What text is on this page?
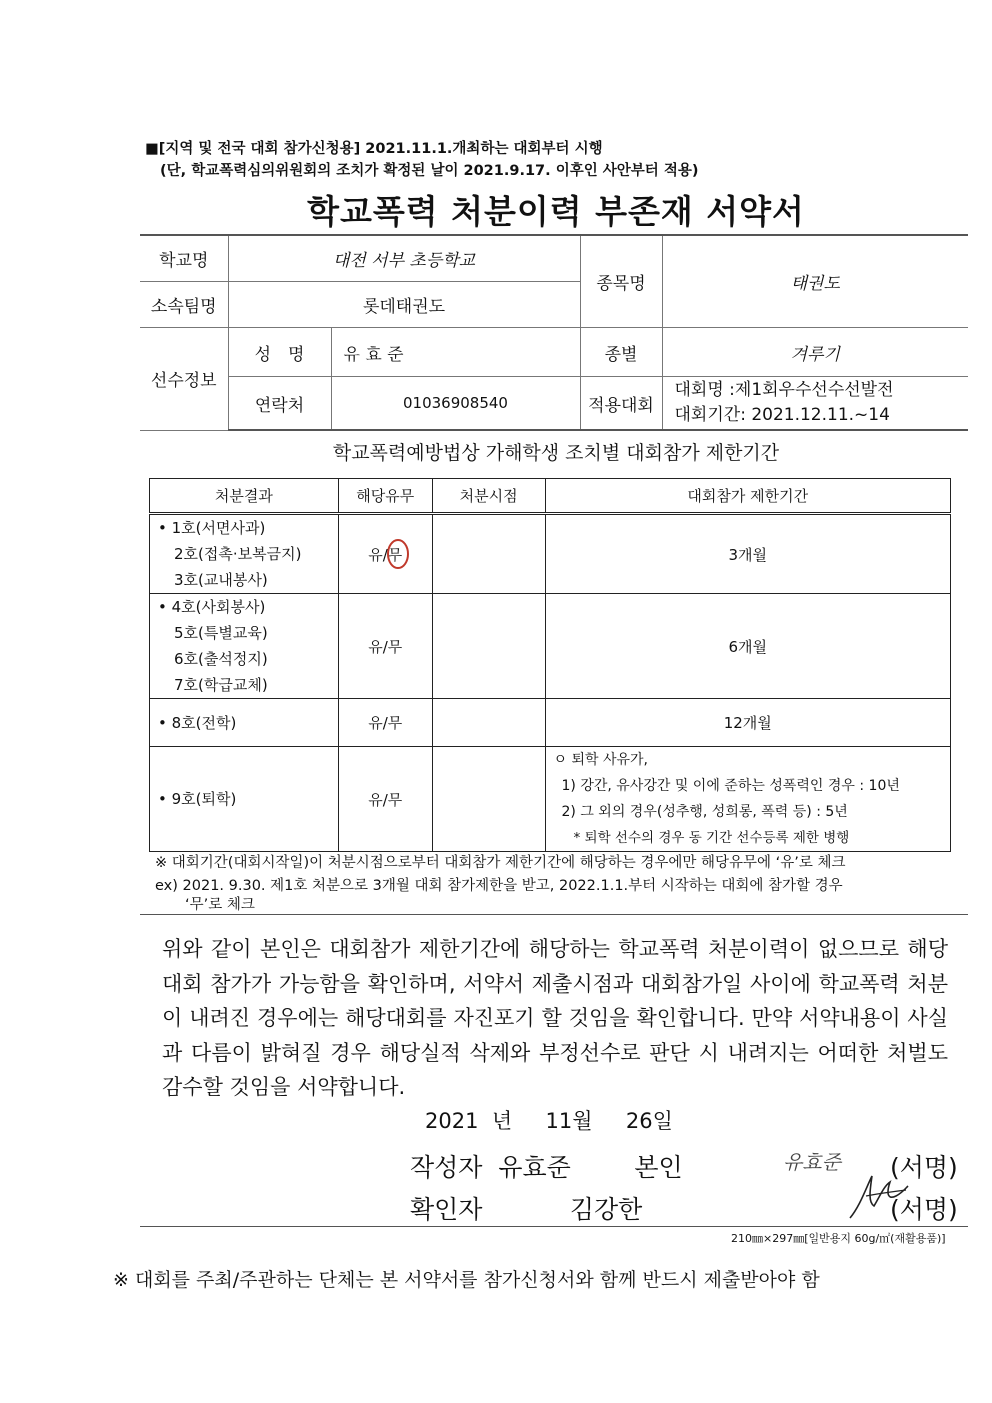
■[지역 및 전국 대회 참가신청용] 2021.11.1.개최하는 대회부터 시행
(단, 학교폭력심의위원회의 조치가 확정된 날이 2021.9.17. 이후인 사안부터 적용)
학교폭력 처분이력 부존재 서약서
학교명	대전 서부 초등학교		종목명	태권도
소속팀명	롯데태권도			
선수정보	성　명	유 효 준	종별	겨루기
	연락처	01036908540	적용대회	대회명 :제1회우수선수선발전
대회기간: 2021.12.11.~14
학교폭력예방법상 가해학생 조치별 대회참가 제한기간
처분결과	해당유무	처분시점	대회참가 제한기간

• 1호(서면사과)
2호(접촉·보복금지)
3호(교내봉사)	유/무		3개월

• 4호(사회봉사)
5호(특별교육)
6호(출석정지)
7호(학급교체)	유/무		6개월

• 8호(전학)	유/무		12개월

• 9호(퇴학)	유/무		ㅇ 퇴학 사유가,
1) 강간, 유사강간 및 이에 준하는 성폭력인 경우 : 10년
2) 그 외의 경우(성추행, 성희롱, 폭력 등) : 5년
* 퇴학 선수의 경우 동 기간 선수등록 제한 병행
※ 대회기간(대회시작일)이 처분시점으로부터 대회참가 제한기간에 해당하는 경우에만 해당유무에 ‘유’로 체크
ex) 2021. 9.30. 제1호 처분으로 3개월 대회 참가제한을 받고, 2022.1.1.부터 시작하는 대회에 참가할 경우
‘무’로 체크
위와 같이 본인은 대회참가 제한기간에 해당하는 학교폭력 처분이력이 없으므로 해당 대회 참가가 가능함을 확인하며, 서약서 제출시점과 대회참가일 사이에 학교폭력 처분이 내려진 경우에는 해당대회를 자진포기 할 것임을 확인합니다. 만약 서약내용이 사실과 다름이 밝혀질 경우 해당실적 삭제와 부정선수로 판단 시 내려지는 어떠한 처벌도 감수할 것임을 서약합니다.
2021 년 11월 26일
작성자 유효준	본인	유효준 (서명)
확인자	김강한	(서명)
210㎜×297㎜[일반용지 60g/㎡(재활용품)]
※ 대회를 주최/주관하는 단체는 본 서약서를 참가신청서와 함께 반드시 제출받아야 함
